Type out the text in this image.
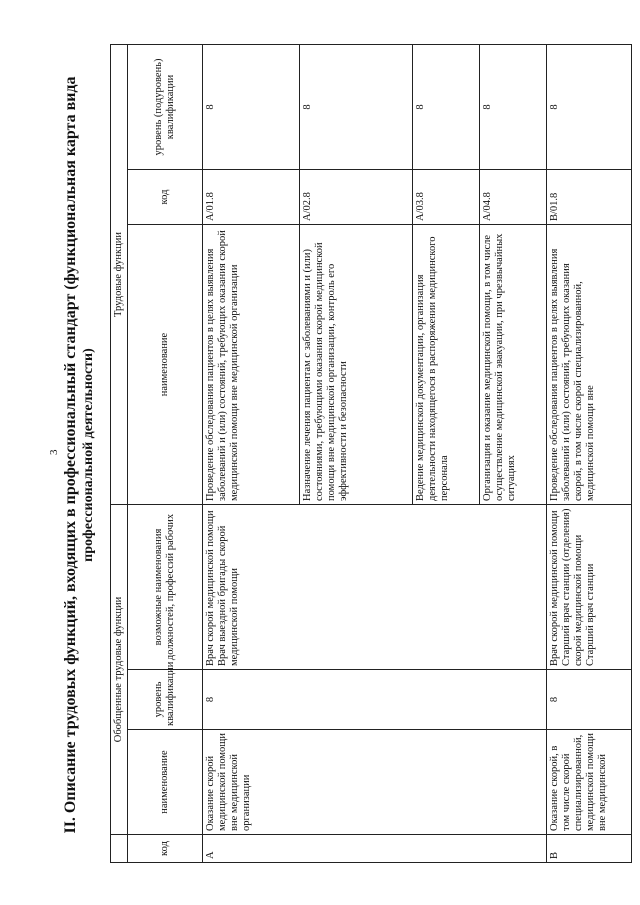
3 II. Описание трудовых функций, входящих в профессиональный стандарт (функциональная карта вида профессиональной деятельности)
	Обобщенные трудовые функции			Трудовые функции		
код	наименование	уровень квалификации	возможные наименования должностей, профессий рабочих	наименование	код	уровень (подуровень) квалификации
A	Оказание скорой медицинской помощи вне медицинской организации	8	Врач скорой медицинской помощи Врач выездной бригады скорой медицинской помощи	Проведение обследования пациентов в целях выявления заболеваний и (или) состояний, требующих оказания скорой медицинской помощи вне медицинской организации	A/01.8	8
				Назначение лечения пациентам с заболеваниями и (или) состояниями, требующими оказания скорой медицинской помощи вне медицинской организации, контроль его эффективности и безопасности	A/02.8	8
				Ведение медицинской документации, организация деятельности находящегося в распоряжении медицинского персонала	A/03.8	8
				Организация и оказание медицинской помощи, в том числе осуществление медицинской эвакуации, при чрезвычайных ситуациях	A/04.8	8
B	Оказание скорой, в том числе скорой специализированной, медицинской помощи вне медицинской	8	Врач скорой медицинской помощи Старший врач станции (отделения) скорой медицинской помощи Старший врач станции	Проведение обследования пациентов в целях выявления заболеваний и (или) состояний, требующих оказания скорой, в том числе скорой специализированной, медицинской помощи вне	B/01.8	8
